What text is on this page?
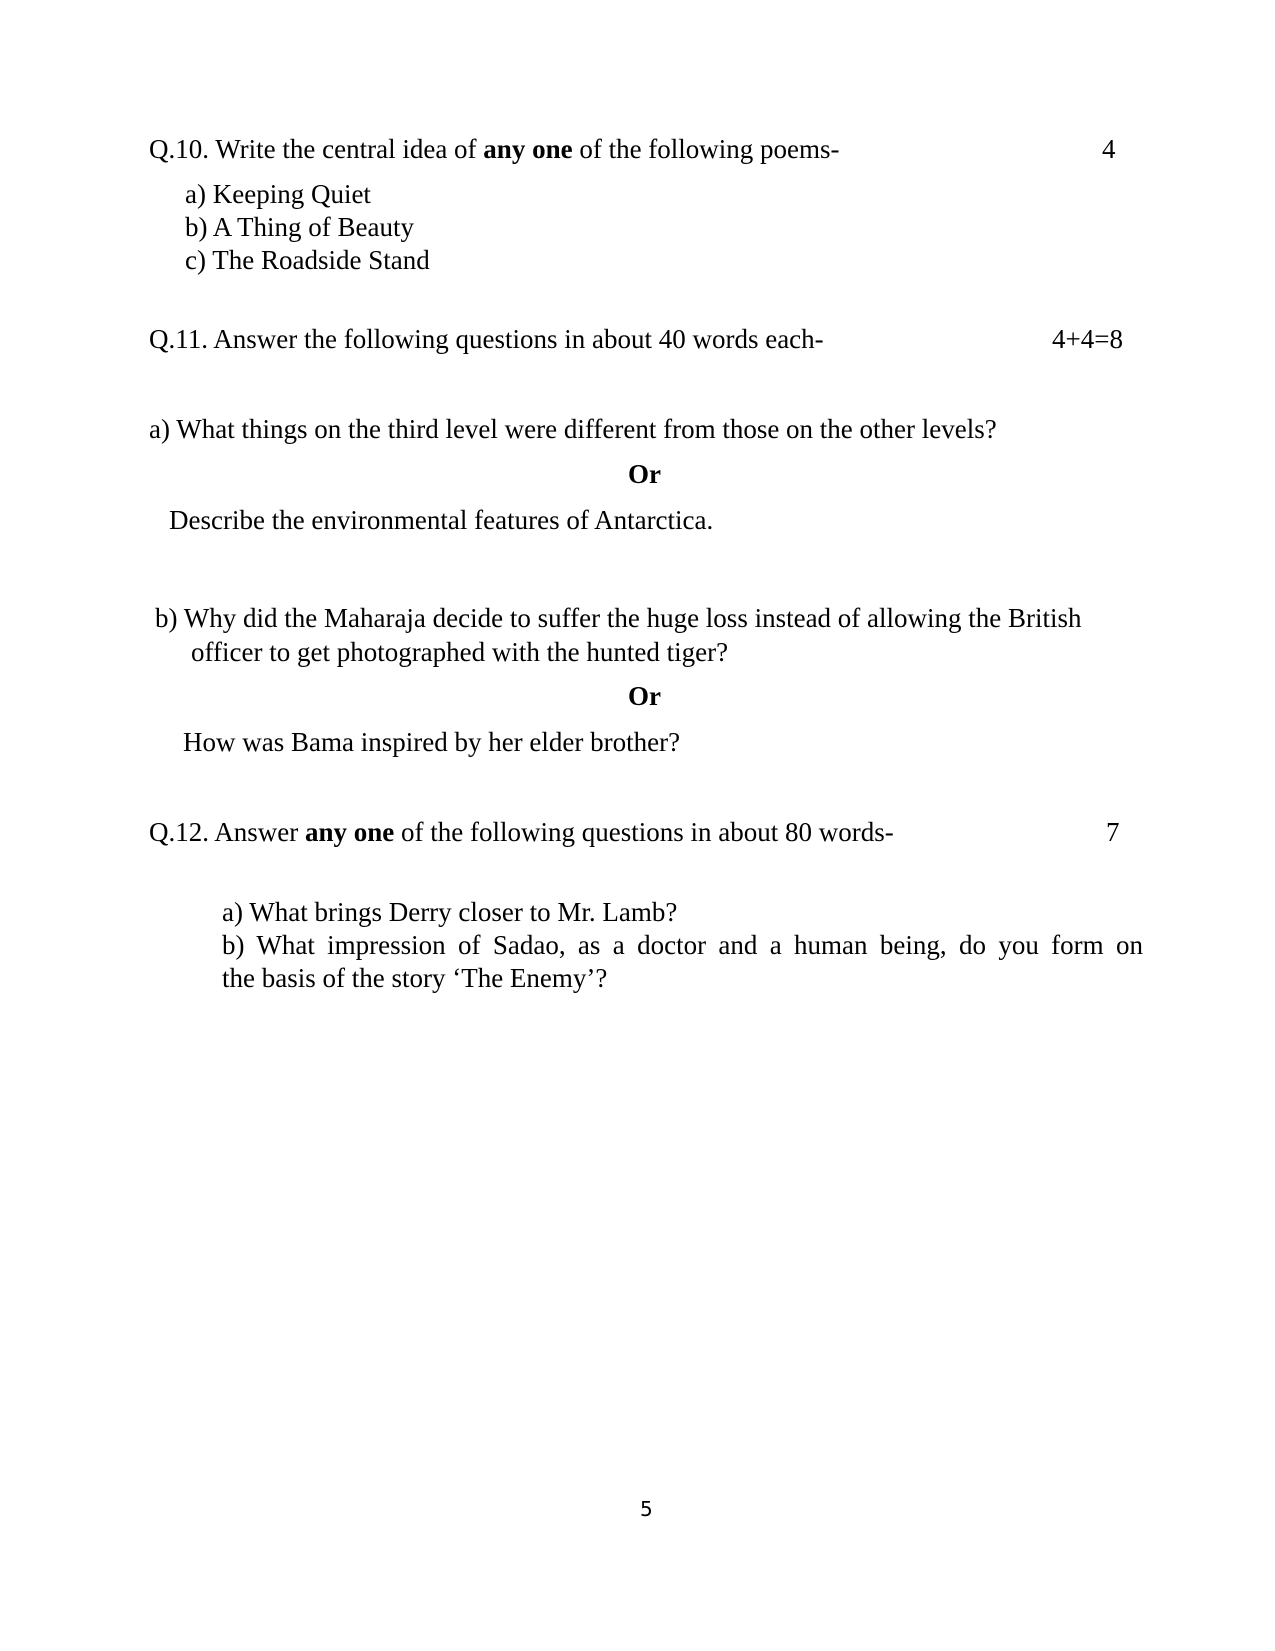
Q.10. Write the central idea of any one of the following poems-	4
a) Keeping Quiet
b) A Thing of Beauty
c) The Roadside Stand
Q.11. Answer the following questions in about 40 words each-	4+4=8
a) What things on the third level were different from those on the other levels?
Or
Describe the environmental features of Antarctica.
b) Why did the Maharaja decide to suffer the huge loss instead of allowing the British
officer to get photographed with the hunted tiger?
Or
How was Bama inspired by her elder brother?
Q.12. Answer any one of the following questions in about 80 words-	7
a) What brings Derry closer to Mr. Lamb?
b) What impression of Sadao, as a doctor and a human being, do you form on
the basis of the story ‘The Enemy’?
5
